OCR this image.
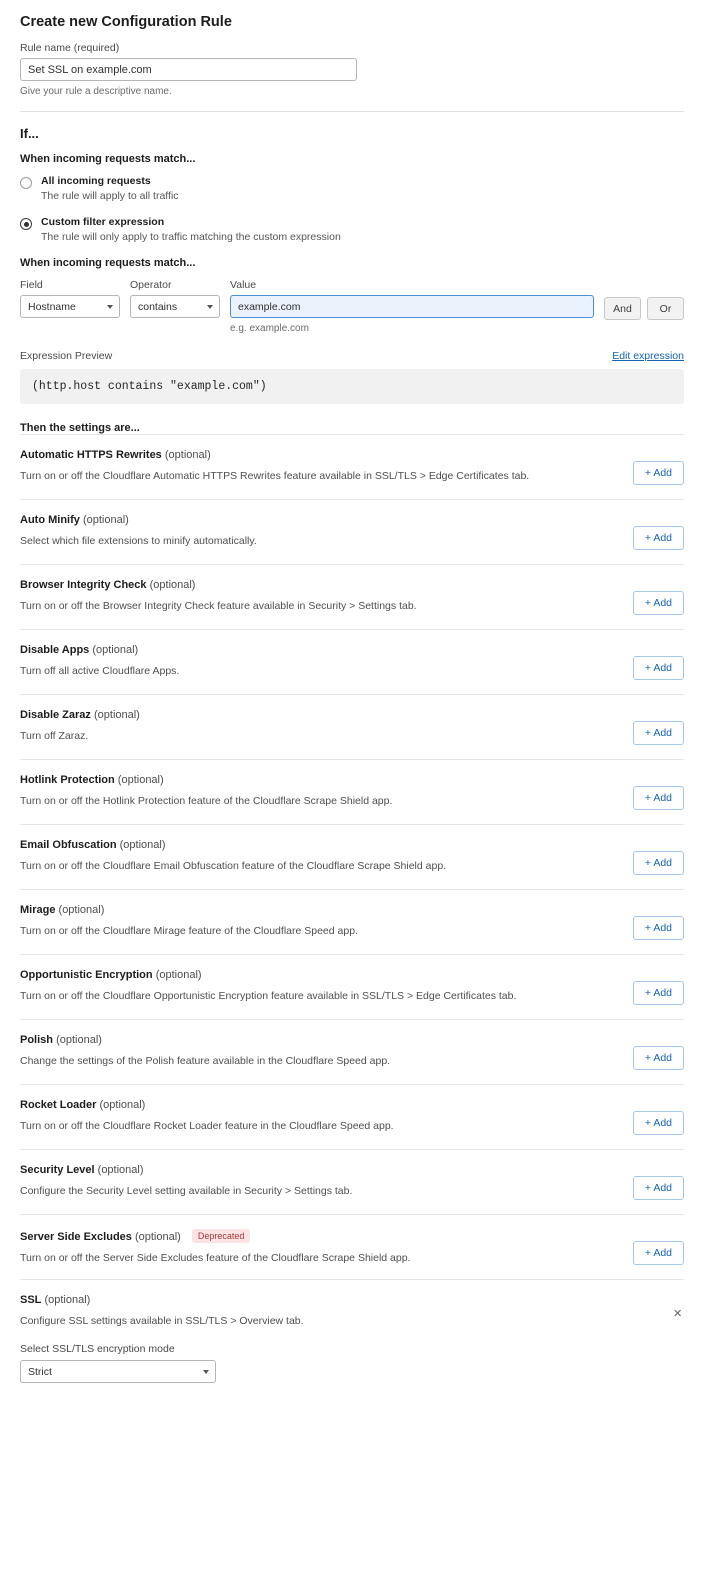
Create new Configuration Rule
Rule name (required)
Set SSL on example.com
Give your rule a descriptive name.
If...
When incoming requests match...
All incoming requests
The rule will apply to all traffic
Custom filter expression
The rule will only apply to traffic matching the custom expression
When incoming requests match...
Field
Hostname
Operator
contains
Value
example.com
e.g. example.com
And	Or
Expression Preview	Edit expression
(http.host contains "example.com")
Then the settings are...
Automatic HTTPS Rewrites (optional)
Turn on or off the Cloudflare Automatic HTTPS Rewrites feature available in SSL/TLS > Edge Certificates tab.	+ Add
Auto Minify (optional)
Select which file extensions to minify automatically.	+ Add
Browser Integrity Check (optional)
Turn on or off the Browser Integrity Check feature available in Security > Settings tab.	+ Add
Disable Apps (optional)
Turn off all active Cloudflare Apps.	+ Add
Disable Zaraz (optional)
Turn off Zaraz.	+ Add
Hotlink Protection (optional)
Turn on or off the Hotlink Protection feature of the Cloudflare Scrape Shield app.	+ Add
Email Obfuscation (optional)
Turn on or off the Cloudflare Email Obfuscation feature of the Cloudflare Scrape Shield app.	+ Add
Mirage (optional)
Turn on or off the Cloudflare Mirage feature of the Cloudflare Speed app.	+ Add
Opportunistic Encryption (optional)
Turn on or off the Cloudflare Opportunistic Encryption feature available in SSL/TLS > Edge Certificates tab.	+ Add
Polish (optional)
Change the settings of the Polish feature available in the Cloudflare Speed app.	+ Add
Rocket Loader (optional)
Turn on or off the Cloudflare Rocket Loader feature in the Cloudflare Speed app.	+ Add
Security Level (optional)
Configure the Security Level setting available in Security > Settings tab.	+ Add
Server Side Excludes (optional) Deprecated
Turn on or off the Server Side Excludes feature of the Cloudflare Scrape Shield app.	+ Add
SSL (optional)
Configure SSL settings available in SSL/TLS > Overview tab.
Select SSL/TLS encryption mode
Strict
×
